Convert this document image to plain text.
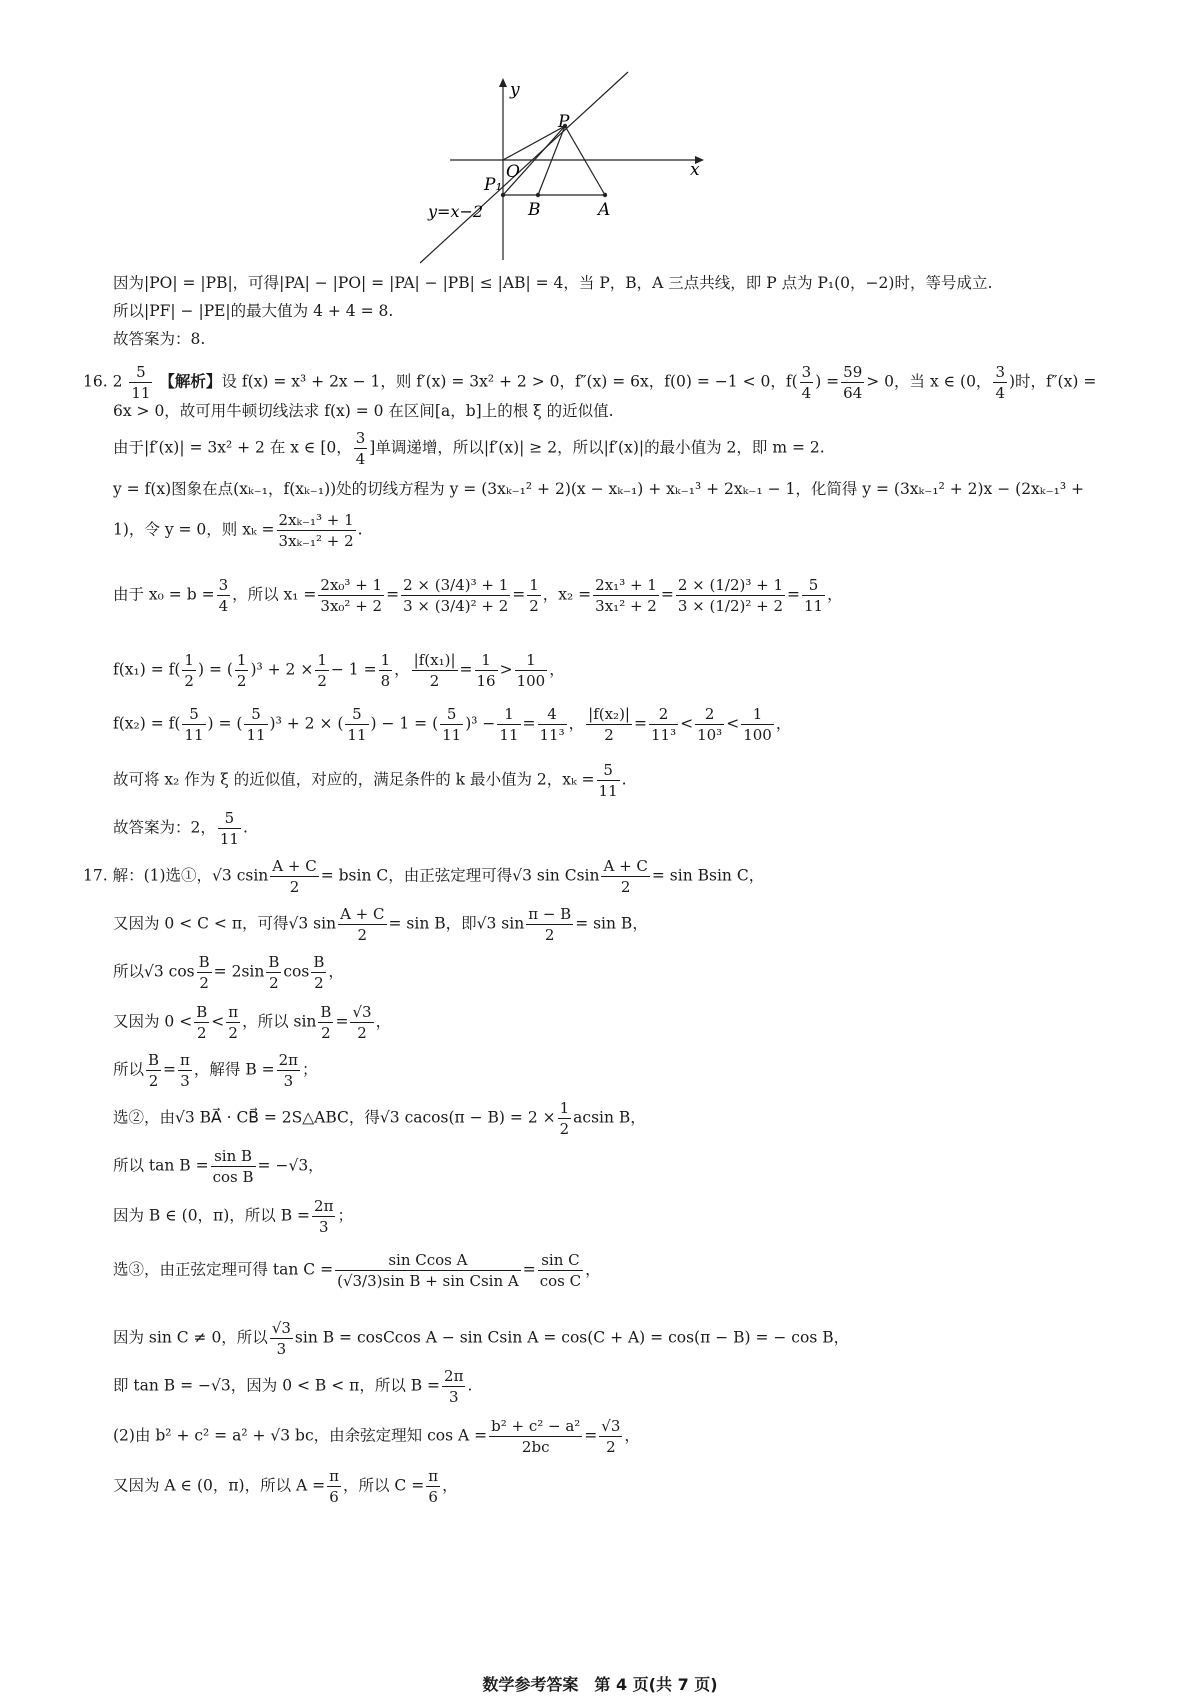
y
x
O
P
P₁
B	A
y=x−2
因为|PO| = |PB|，可得|PA| − |PO| = |PA| − |PB| ≤ |AB| = 4，当 P，B，A 三点共线，即 P 点为 P₁(0，−2)时，等号成立.
所以|PF| − |PE|的最大值为 4 + 4 = 8.
故答案为：8.
16. $2 \frac{5}{11}$ 【解析】设 f(x) = x³ + 2x − 1，则 f′(x) = 3x² + 2 > 0，f″(x) = 6x，f(0) = −1 < 0，$f( \frac{3}{4}$ ) = $\frac{59}{64} > 0$，当 x ∈ (0， $\frac{3}{4}$ )时，f″(x) =
6x > 0，故可用牛顿切线法求 f(x) = 0 在区间[a，b]上的根 ξ 的近似值.
由于|f′(x)| = 3x² + 2 在 x ∈ [0， $\frac{3}{4}$ ]单调递增，所以|f′(x)| ≥ 2，所以|f′(x)|的最小值为 2，即 m = 2.
y = f(x)图象在点(xₖ₋₁，f(xₖ₋₁))处的切线方程为 y = (3xₖ₋₁² + 2)(x − xₖ₋₁) + xₖ₋₁³ + 2xₖ₋₁ − 1，化简得 y = (3xₖ₋₁² + 2)x − (2xₖ₋₁³ +
1)，令 y = 0，则 $x_k = \frac{\text{2xₖ₋₁³ + 1}}{\text{3xₖ₋₁² + 2}}$ .
由于 $x_0 = b = \frac{3}{4}$ ，所以 $x_1 = \frac{\text{2x₀³ + 1}}{\text{3x₀² + 2}} = \frac{\text{2 × (3/4)³ + 1}}{\text{3 × (3/4)² + 2}} = \frac{1}{2}$ ，$x_2 = \frac{\text{2x₁³ + 1}}{\text{3x₁² + 2}} = \frac{\text{2 × (1/2)³ + 1}}{\text{3 × (1/2)² + 2}} = \frac{5}{11}$ ，
$f(x_1) = f( \frac{1}{2}$ ) = ( $\frac{1}{2} )^3 + 2 \times \frac{1}{2} - 1 = \frac{1}{8}$ ， $\frac{\text{|f(x₁)|}}{2} = \frac{1}{16} > \frac{1}{100}$ ，
$f(x_2) = f( \frac{5}{11}$ ) = ( $\frac{5}{11} )^3 + 2$ × ( $\frac{5}{11}$ ) − 1 = ( $\frac{5}{11} )^3 - \frac{1}{11} = \frac{4}{\text{11³}}$ ， $\frac{\text{|f(x₂)|}}{2} = \frac{2}{\text{11³}} < \frac{2}{\text{10³}} < \frac{1}{100}$ ，
故可将 x₂ 作为 ξ 的近似值，对应的，满足条件的 k 最小值为 2，$x_k = \frac{5}{11}$ .
故答案为：2， $\frac{5}{11}$ .
17. 解：(1)选①，√3 csin $\frac{A + C}{2} = bsin$ C，由正弦定理可得√3 sin Csin $\frac{A + C}{2} = \sin Bsin$ C，
又因为 0 < C < π，可得√3 $\sin \frac{A + C}{2} = \sin B$，即√3 $\sin \frac{\pi - B}{2} = \sin B$，
所以√3 $\cos \frac{B}{2} = 2\sin \frac{B}{2}$ $\cos \frac{B}{2}$ ，
又因为 $0 < \frac{B}{2} < \frac{\pi}{2}$ ，所以 $\sin \frac{B}{2} = \frac{√3}{2}$ ，
所以 $\frac{B}{2} = \frac{\pi}{3}$ ，解得 $B = \frac{2\pi}{3}$ ；
选②，由√3 BA⃗ · CB⃗ = 2S△ABC，得√3 $cacos(\pi - B) = 2 \times \frac{1}{2}$ acsin B，
所以 $\tan B = \frac{\text{sin B}}{\text{cos B}} = -√3$，
因为 B ∈ (0，π)，所以 $B = \frac{2\pi}{3}$ ；
选③，由正弦定理可得 $\tan C = \frac{\text{sin Ccos A}}{\text{(√3/3)sin B + sin Csin A}} = \frac{\text{sin C}}{\text{cos C}}$ ，
因为 sin C ≠ 0，所以 $\frac{√3}{3}$ sin B = cosCcos A − sin Csin A = cos(C + A) = cos(π − B) = − cos B，
即 tan B = −√3，因为 0 < B < π，所以 $B = \frac{2\pi}{3}$ .
(2)由 b² + c² = a² + √3 bc，由余弦定理知 $\cos A = \frac{\text{b² + c² − a²}}{2bc} = \frac{√3}{2}$ ，
又因为 A ∈ (0，π)，所以 $A = \frac{\pi}{6}$ ，所以 $C = \frac{\pi}{6}$ ，
数学参考答案　第 4 页(共 7 页)
